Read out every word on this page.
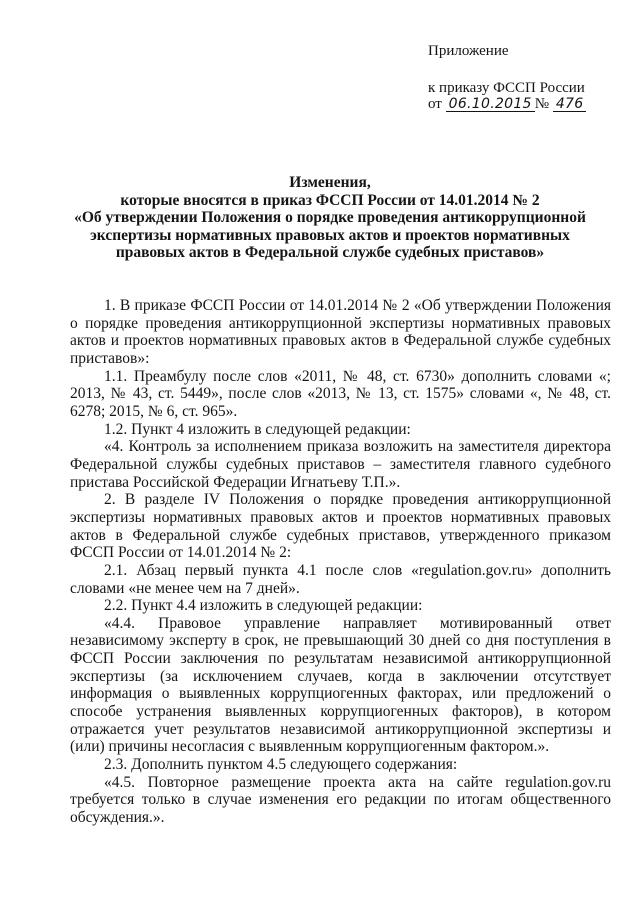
Приложение
к приказу ФССП России
от 06.10.2015 № 476
Изменения,
которые вносятся в приказ ФССП России от 14.01.2014 № 2
«Об утверждении Положения о порядке проведения антикоррупционной
экспертизы нормативных правовых актов и проектов нормативных
правовых актов в Федеральной службе судебных приставов»

1. В приказе ФССП России от 14.01.2014 № 2 «Об утверждении Положения о порядке проведения антикоррупционной экспертизы нормативных правовых актов и проектов нормативных правовых актов в Федеральной службе судебных приставов»:

1.1. Преамбулу после слов «2011, № 48, ст. 6730» дополнить словами «; 2013, № 43, ст. 5449», после слов «2013, № 13, ст. 1575» словами «, № 48, ст. 6278; 2015, № 6, ст. 965».

1.2. Пункт 4 изложить в следующей редакции:

«4. Контроль за исполнением приказа возложить на заместителя директора Федеральной службы судебных приставов – заместителя главного судебного пристава Российской Федерации Игнатьеву Т.П.».

2. В разделе IV Положения о порядке проведения антикоррупционной экспертизы нормативных правовых актов и проектов нормативных правовых актов в Федеральной службе судебных приставов, утвержденного приказом ФССП России от 14.01.2014 № 2:

2.1. Абзац первый пункта 4.1 после слов «regulation.gov.ru» дополнить словами «не менее чем на 7 дней».

2.2. Пункт 4.4 изложить в следующей редакции:

«4.4. Правовое управление направляет мотивированный ответ независимому эксперту в срок, не превышающий 30 дней со дня поступления в ФССП России заключения по результатам независимой антикоррупционной экспертизы (за исключением случаев, когда в заключении отсутствует информация о выявленных коррупциогенных факторах, или предложений о способе устранения выявленных коррупциогенных факторов), в котором отражается учет результатов независимой антикоррупционной экспертизы и (или) причины несогласия с выявленным коррупциогенным фактором.».

2.3. Дополнить пунктом 4.5 следующего содержания:

«4.5. Повторное размещение проекта акта на сайте regulation.gov.ru требуется только в случае изменения его редакции по итогам общественного обсуждения.».
